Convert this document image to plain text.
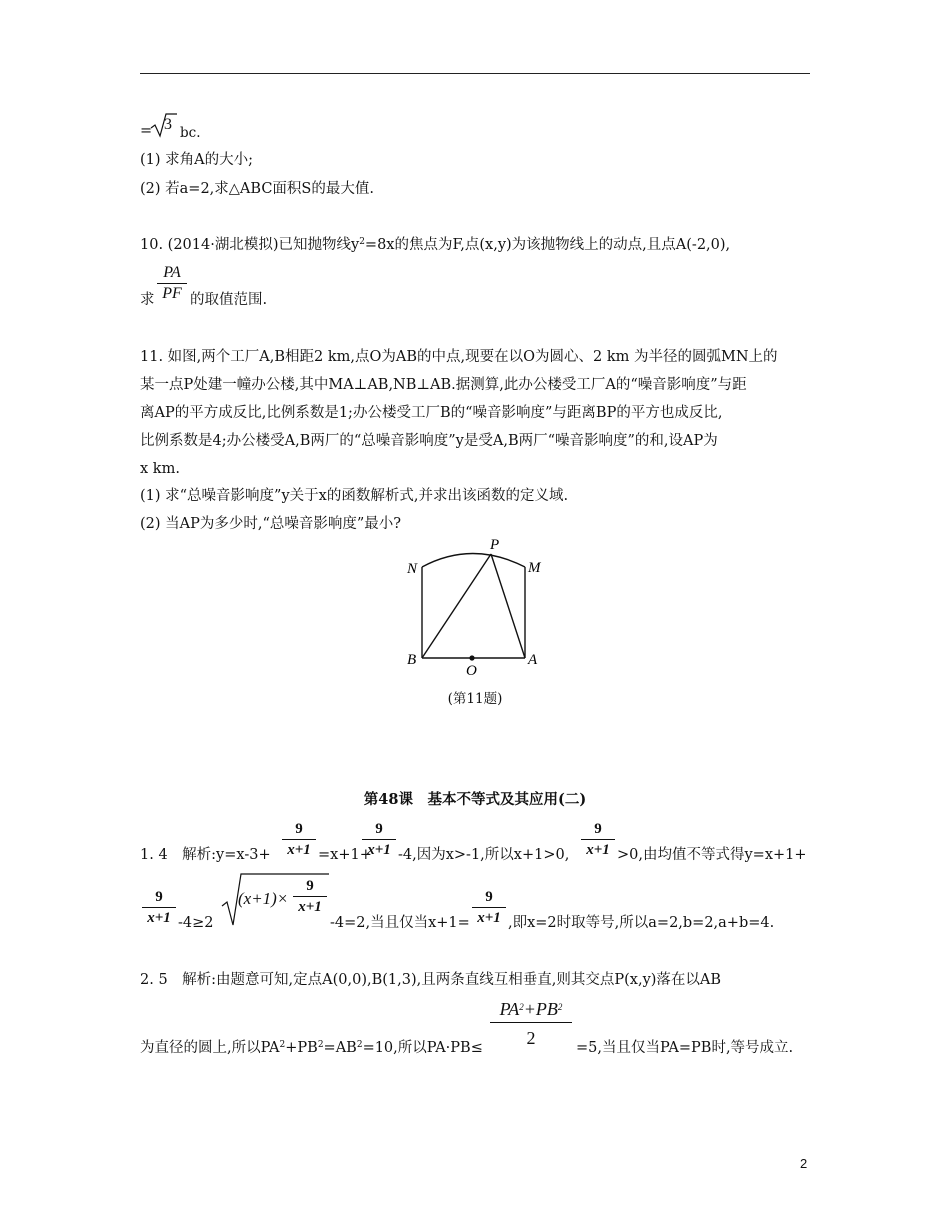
= 3 bc.
(1) 求角A的大小;
(2) 若a=2,求△ABC面积S的最大值.
10. (2014·湖北模拟)已知抛物线$y^2=8x$的焦点为F,点(x,y)为该抛物线上的动点,且点A(-2,0),
PA
PF
求 的取值范围.
11. 如图,两个工厂A,B相距2 km,点O为AB的中点,现要在以O为圆心、2 km 为半径的圆弧MN上的
某一点P处建一幢办公楼,其中MA⊥AB,NB⊥AB.据测算,此办公楼受工厂A的“噪音影响度”与距
离AP的平方成反比,比例系数是1;办公楼受工厂B的“噪音影响度”与距离BP的平方也成反比,
比例系数是4;办公楼受A,B两厂的“总噪音影响度”y是受A,B两厂“噪音影响度”的和,设AP为
x km.
(1) 求“总噪音影响度”y关于x的函数解析式,并求出该函数的定义域.
(2) 当AP为多少时,“总噪音影响度”最小?
P
N	M
B
O
A
(第11题)
第48课　基本不等式及其应用(二)
1. 4　解析:y=x-3+
9
x+1 =x+1+
9
x+1 -4,因为x>-1,所以x+1>0,
9
x+1 >0,由均值不等式得y=x+1+
9
x+1 -4≥2
(x+1)×
9
x+1
-4=2,当且仅当x+1=
9
x+1 ,即x=2时取等号,所以a=2,b=2,a+b=4.
2. 5　解析:由题意可知,定点A(0,0),B(1,3),且两条直线互相垂直,则其交点P(x,y)落在以AB
为直径的圆上,所以$PA^2+PB^2=AB^2=10$,所以PA·PB≤
$PA^2+PB^2$
2	=5,当且仅当PA=PB时,等号成立.
2
